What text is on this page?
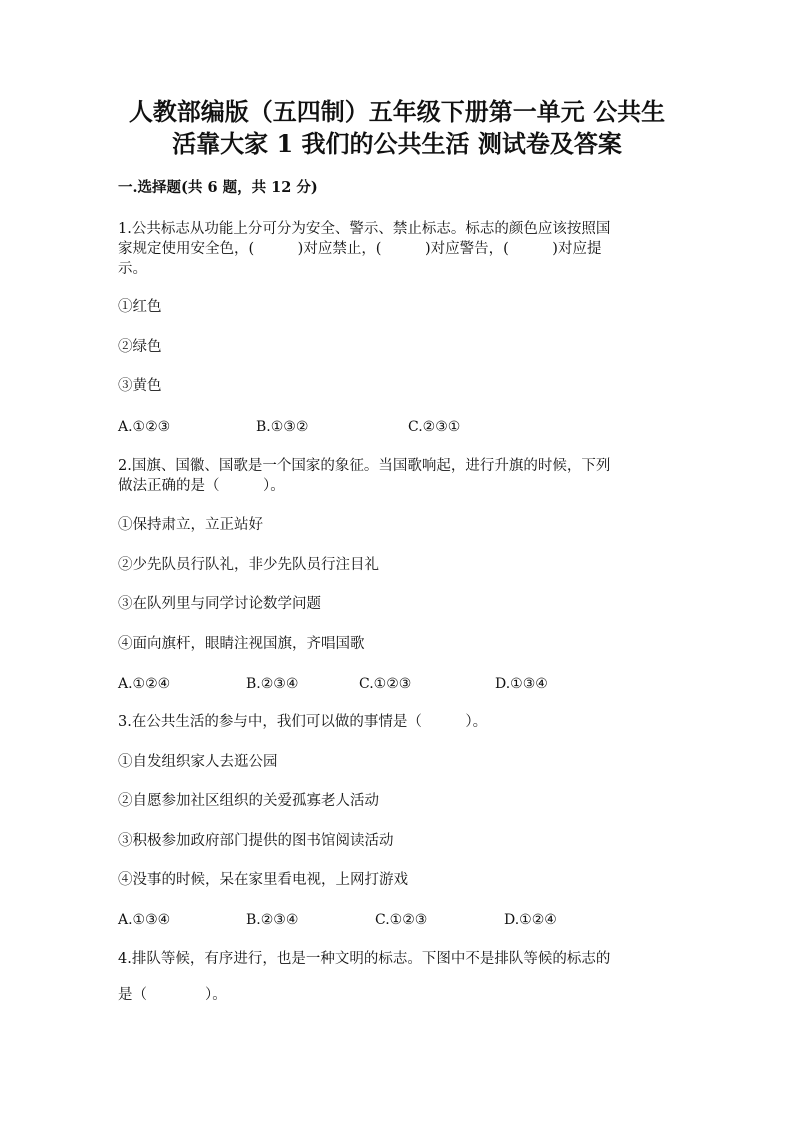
人教部编版（五四制）五年级下册第一单元 公共生
活靠大家 1 我们的公共生活 测试卷及答案
一.选择题(共 6 题，共 12 分)
1.公共标志从功能上分可分为安全、警示、禁止标志。标志的颜色应该按照国
家规定使用安全色，(　　　)对应禁止，(　　　)对应警告，(　　　)对应提
示。
①红色
②绿色
③黄色
A.①②③	B.①③②	C.②③①
2.国旗、国徽、国歌是一个国家的象征。当国歌响起，进行升旗的时候，下列
做法正确的是（　　　）。
①保持肃立，立正站好
②少先队员行队礼，非少先队员行注目礼
③在队列里与同学讨论数学问题
④面向旗杆，眼睛注视国旗，齐唱国歌
A.①②④	B.②③④	C.①②③	D.①③④
3.在公共生活的参与中，我们可以做的事情是（　　　）。
①自发组织家人去逛公园
②自愿参加社区组织的关爱孤寡老人活动
③积极参加政府部门提供的图书馆阅读活动
④没事的时候，呆在家里看电视，上网打游戏
A.①③④	B.②③④	C.①②③	D.①②④
4.排队等候，有序进行，也是一种文明的标志。下图中不是排队等候的标志的
是（　　　　）。
